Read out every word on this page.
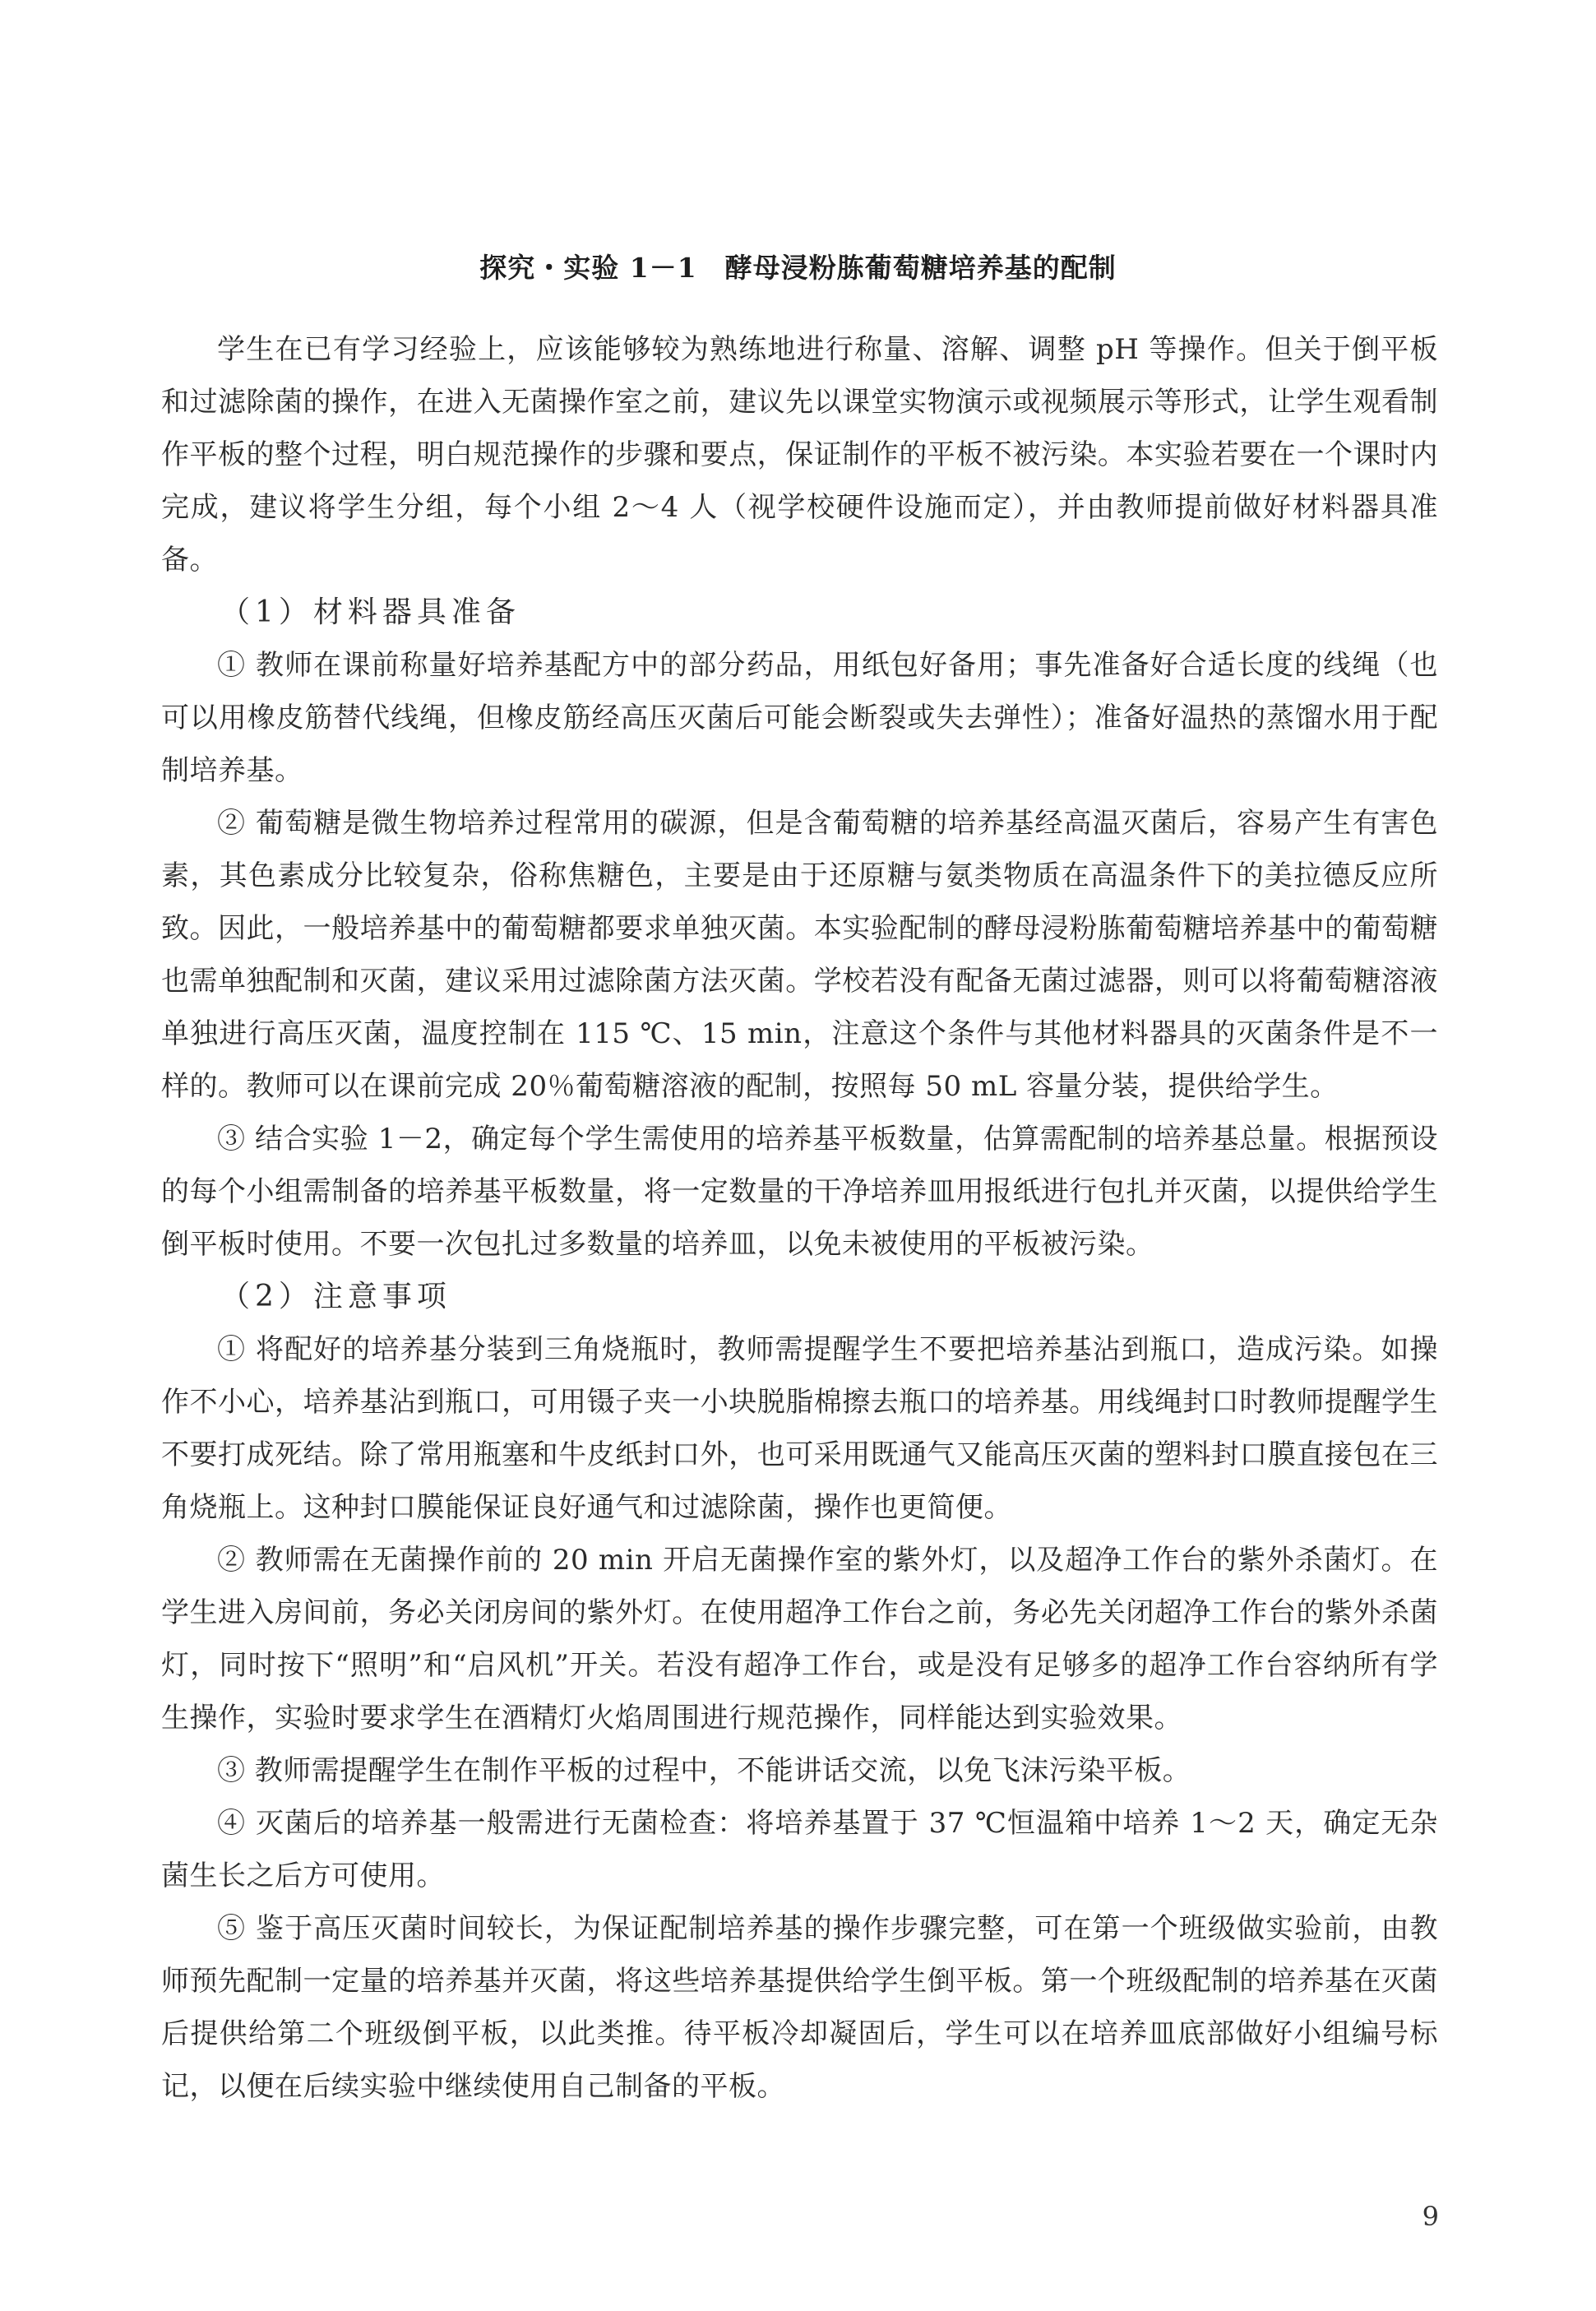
探究・实验 1－1　酵母浸粉胨葡萄糖培养基的配制

学生在已有学习经验上，应该能够较为熟练地进行称量、溶解、调整 pH 等操作。但关于倒平板和过滤除菌的操作，在进入无菌操作室之前，建议先以课堂实物演示或视频展示等形式，让学生观看制作平板的整个过程，明白规范操作的步骤和要点，保证制作的平板不被污染。本实验若要在一个课时内完成，建议将学生分组，每个小组 2～4 人（视学校硬件设施而定），并由教师提前做好材料器具准备。

（1）材料器具准备

① 教师在课前称量好培养基配方中的部分药品，用纸包好备用；事先准备好合适长度的线绳（也可以用橡皮筋替代线绳，但橡皮筋经高压灭菌后可能会断裂或失去弹性）；准备好温热的蒸馏水用于配制培养基。

② 葡萄糖是微生物培养过程常用的碳源，但是含葡萄糖的培养基经高温灭菌后，容易产生有害色素，其色素成分比较复杂，俗称焦糖色，主要是由于还原糖与氨类物质在高温条件下的美拉德反应所致。因此，一般培养基中的葡萄糖都要求单独灭菌。本实验配制的酵母浸粉胨葡萄糖培养基中的葡萄糖也需单独配制和灭菌，建议采用过滤除菌方法灭菌。学校若没有配备无菌过滤器，则可以将葡萄糖溶液单独进行高压灭菌，温度控制在 115 ℃、15 min，注意这个条件与其他材料器具的灭菌条件是不一样的。教师可以在课前完成 20％葡萄糖溶液的配制，按照每 50 mL 容量分装，提供给学生。

③ 结合实验 1－2，确定每个学生需使用的培养基平板数量，估算需配制的培养基总量。根据预设的每个小组需制备的培养基平板数量，将一定数量的干净培养皿用报纸进行包扎并灭菌，以提供给学生倒平板时使用。不要一次包扎过多数量的培养皿，以免未被使用的平板被污染。

（2）注意事项

① 将配好的培养基分装到三角烧瓶时，教师需提醒学生不要把培养基沾到瓶口，造成污染。如操作不小心，培养基沾到瓶口，可用镊子夹一小块脱脂棉擦去瓶口的培养基。用线绳封口时教师提醒学生不要打成死结。除了常用瓶塞和牛皮纸封口外，也可采用既通气又能高压灭菌的塑料封口膜直接包在三角烧瓶上。这种封口膜能保证良好通气和过滤除菌，操作也更简便。

② 教师需在无菌操作前的 20 min 开启无菌操作室的紫外灯，以及超净工作台的紫外杀菌灯。在学生进入房间前，务必关闭房间的紫外灯。在使用超净工作台之前，务必先关闭超净工作台的紫外杀菌灯，同时按下“照明”和“启风机”开关。若没有超净工作台，或是没有足够多的超净工作台容纳所有学生操作，实验时要求学生在酒精灯火焰周围进行规范操作，同样能达到实验效果。

③ 教师需提醒学生在制作平板的过程中，不能讲话交流，以免飞沫污染平板。

④ 灭菌后的培养基一般需进行无菌检查：将培养基置于 37 ℃恒温箱中培养 1～2 天，确定无杂菌生长之后方可使用。

⑤ 鉴于高压灭菌时间较长，为保证配制培养基的操作步骤完整，可在第一个班级做实验前，由教师预先配制一定量的培养基并灭菌，将这些培养基提供给学生倒平板。第一个班级配制的培养基在灭菌后提供给第二个班级倒平板，以此类推。待平板冷却凝固后，学生可以在培养皿底部做好小组编号标记，以便在后续实验中继续使用自己制备的平板。

9
